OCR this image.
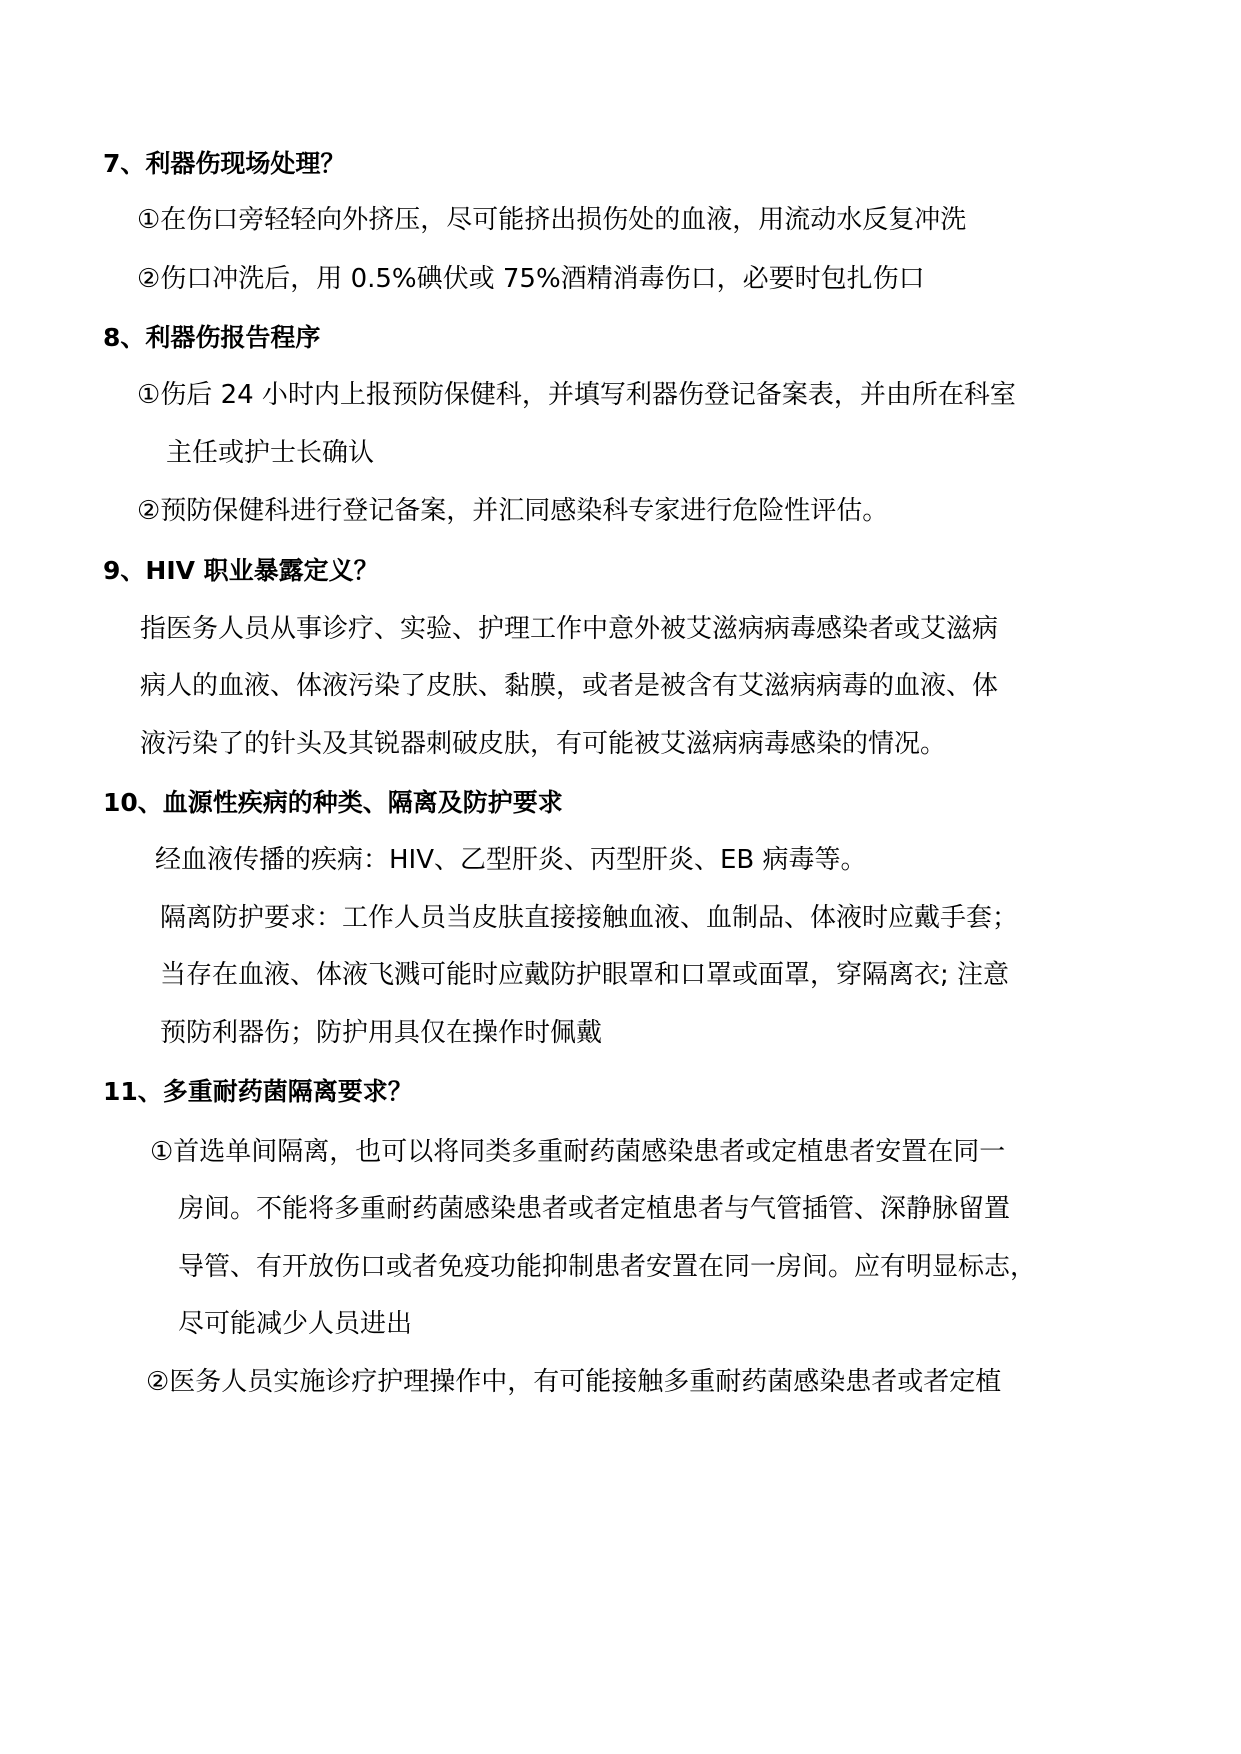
7、利器伤现场处理？
①在伤口旁轻轻向外挤压，尽可能挤出损伤处的血液，用流动水反复冲洗
②伤口冲洗后，用 0.5%碘伏或 75%酒精消毒伤口，必要时包扎伤口
8、利器伤报告程序
①伤后 24 小时内上报预防保健科，并填写利器伤登记备案表，并由所在科室
主任或护士长确认
②预防保健科进行登记备案，并汇同感染科专家进行危险性评估。
9、HIV 职业暴露定义？
指医务人员从事诊疗、实验、护理工作中意外被艾滋病病毒感染者或艾滋病
病人的血液、体液污染了皮肤、黏膜，或者是被含有艾滋病病毒的血液、体
液污染了的针头及其锐器刺破皮肤，有可能被艾滋病病毒感染的情况。
10、血源性疾病的种类、隔离及防护要求
经血液传播的疾病：HIV、乙型肝炎、丙型肝炎、EB 病毒等。
隔离防护要求：工作人员当皮肤直接接触血液、血制品、体液时应戴手套；
当存在血液、体液飞溅可能时应戴防护眼罩和口罩或面罩，穿隔离衣; 注意
预防利器伤；防护用具仅在操作时佩戴
11、多重耐药菌隔离要求？
①首选单间隔离，也可以将同类多重耐药菌感染患者或定植患者安置在同一
房间。不能将多重耐药菌感染患者或者定植患者与气管插管、深静脉留置
导管、有开放伤口或者免疫功能抑制患者安置在同一房间。应有明显标志，
尽可能减少人员进出
②医务人员实施诊疗护理操作中，有可能接触多重耐药菌感染患者或者定植
